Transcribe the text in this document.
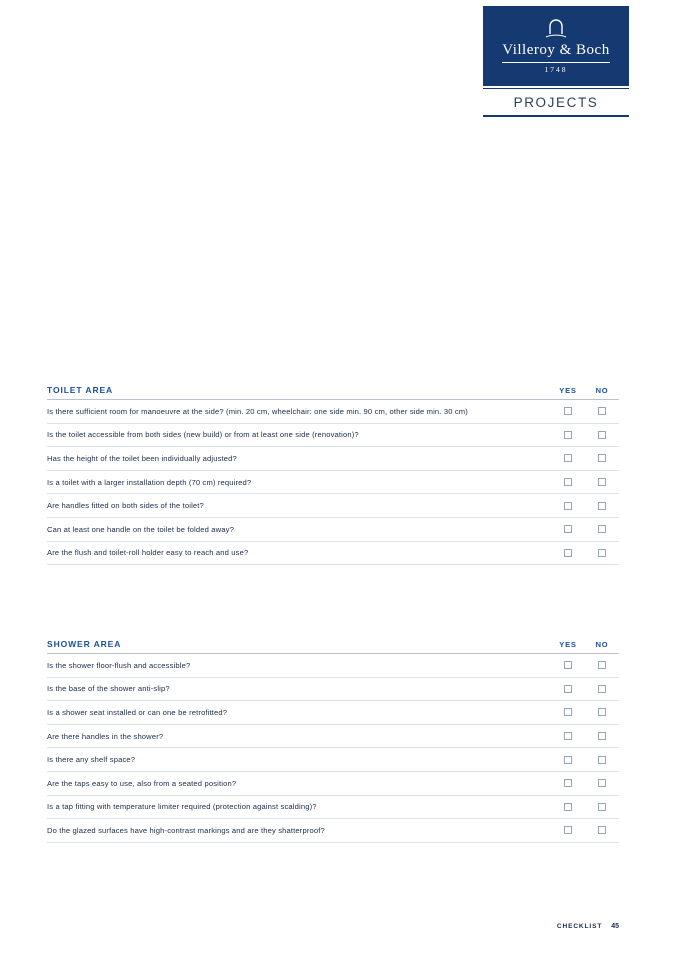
Villeroy & Boch
1748
PROJECTS
TOILET AREA	YES	NO
Is there sufficient room for manoeuvre at the side? (min. 20 cm, wheelchair: one side min. 90 cm, other side min. 30 cm)
Is the toilet accessible from both sides (new build) or from at least one side (renovation)?
Has the height of the toilet been individually adjusted?
Is a toilet with a larger installation depth (70 cm) required?
Are handles fitted on both sides of the toilet?
Can at least one handle on the toilet be folded away?
Are the flush and toilet-roll holder easy to reach and use?
SHOWER AREA	YES	NO
Is the shower floor-flush and accessible?
Is the base of the shower anti-slip?
Is a shower seat installed or can one be retrofitted?
Are there handles in the shower?
Is there any shelf space?
Are the taps easy to use, also from a seated position?
Is a tap fitting with temperature limiter required (protection against scalding)?
Do the glazed surfaces have high-contrast markings and are they shatterproof?
CHECKLIST 45
